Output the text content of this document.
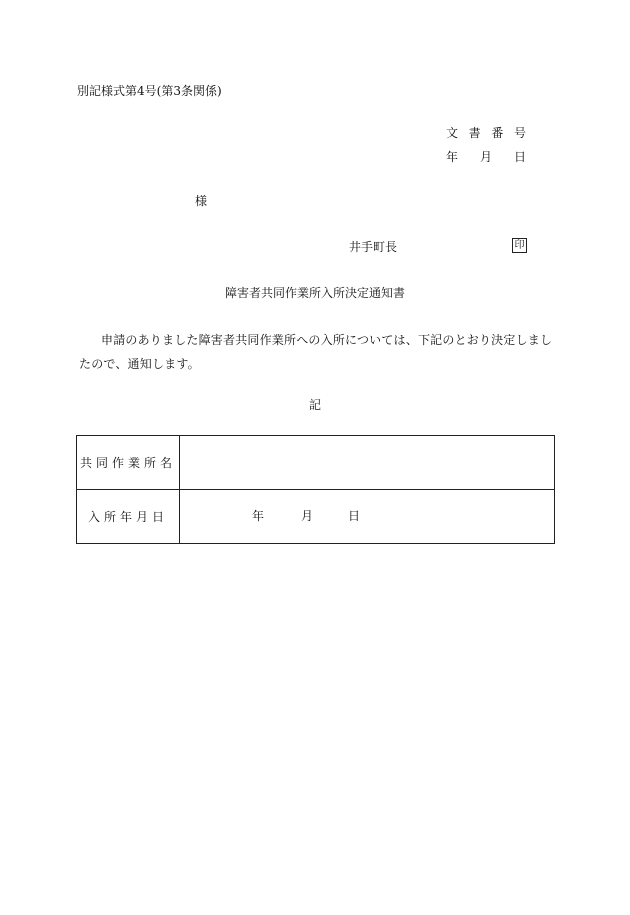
別記様式第4号(第3条関係)
文 書 番 号
年 月 日
様
井手町長	印
障害者共同作業所入所決定通知書
申請のありました障害者共同作業所への入所については、下記のとおり決定しましたので、通知します。
記
共同作業所名	
入所年月日	年 月 日
